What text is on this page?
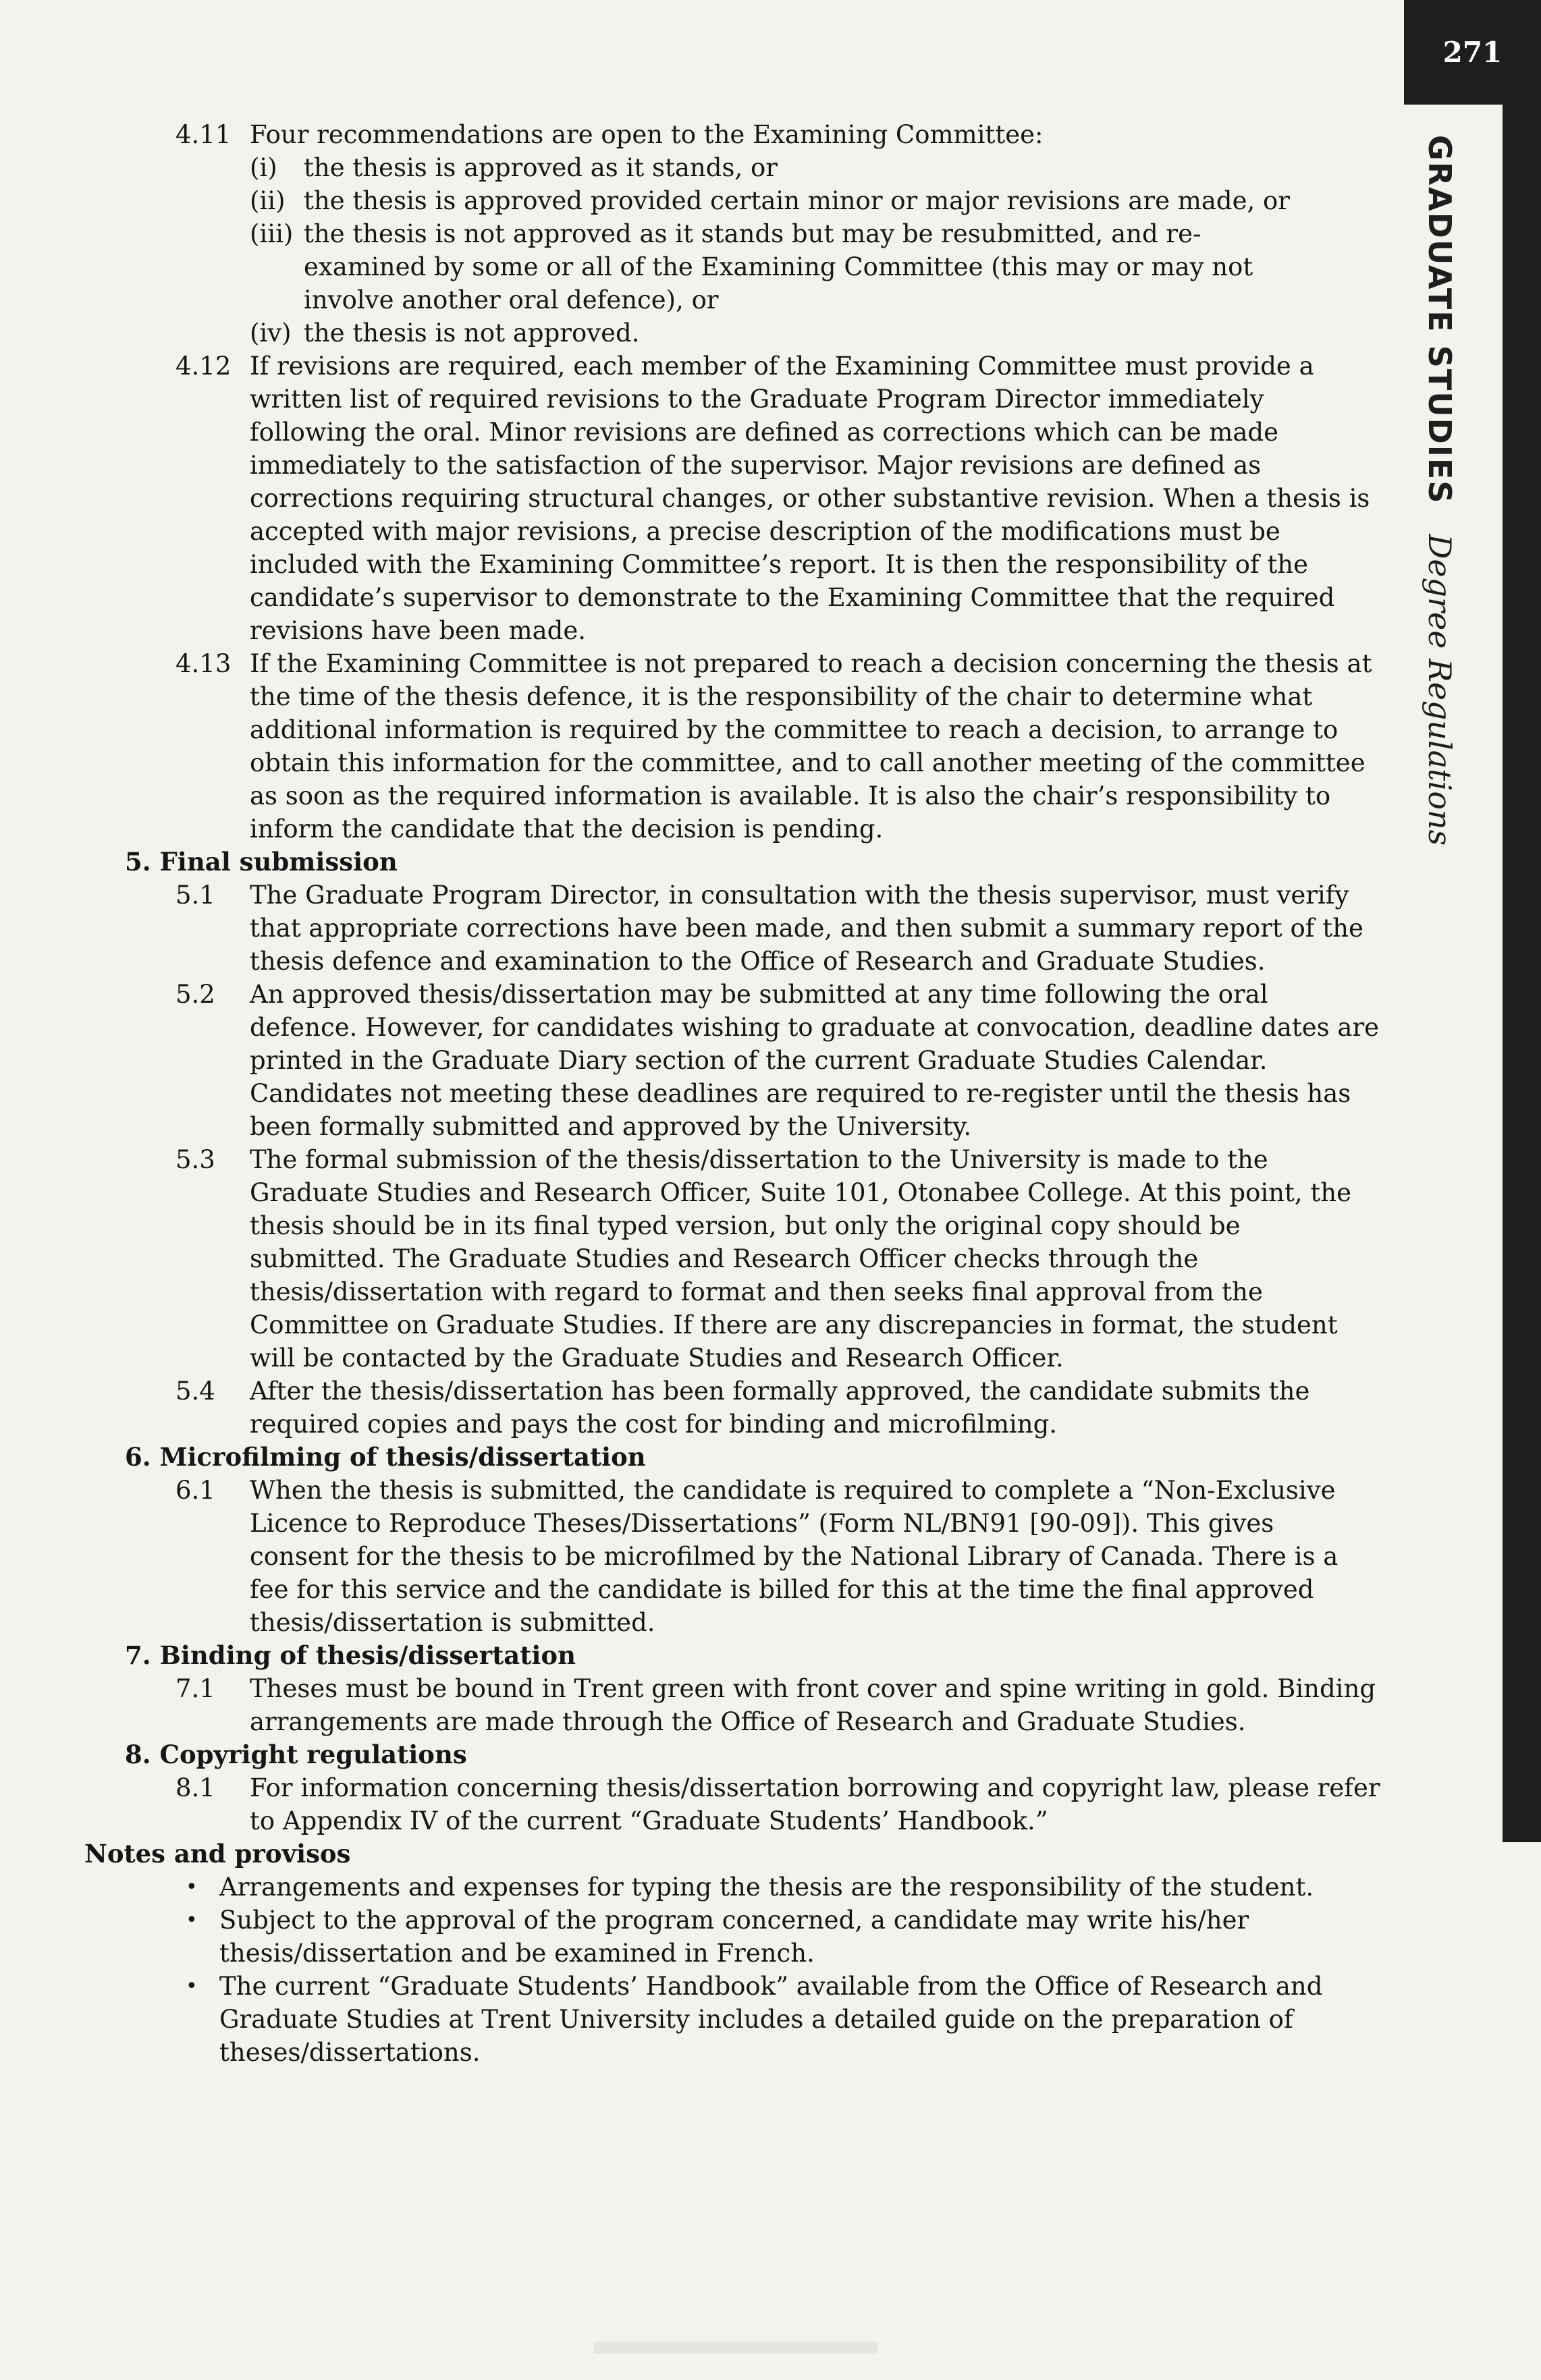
271
GRADUATE STUDIESDegree Regulations
4.11 Four recommendations are open to the Examining Committee:
(i)	the thesis is approved as it stands, or
(ii) the thesis is approved provided certain minor or major revisions are made, or
(iii) the thesis is not approved as it stands but may be resubmitted, and re-examined by some or all of the Examining Committee (this may or may not involve another oral defence), or
(iv) the thesis is not approved.
4.12 If revisions are required, each member of the Examining Committee must provide a written list of required revisions to the Graduate Program Director immediately following the oral. Minor revisions are defined as corrections which can be made immediately to the satisfaction of the supervisor. Major revisions are defined as corrections requiring structural changes, or other substantive revision. When a thesis is accepted with major revisions, a precise description of the modifications must be included with the Examining Committee’s report. It is then the responsibility of the candidate’s supervisor to demonstrate to the Examining Committee that the required revisions have been made.
4.13 If the Examining Committee is not prepared to reach a decision concerning the thesis at the time of the thesis defence, it is the responsibility of the chair to determine what additional information is required by the committee to reach a decision, to arrange to obtain this information for the committee, and to call another meeting of the committee as soon as the required information is available. It is also the chair’s responsibility to inform the candidate that the decision is pending.
5. Final submission
5.1	The Graduate Program Director, in consultation with the thesis supervisor, must verify that appropriate corrections have been made, and then submit a summary report of the thesis defence and examination to the Office of Research and Graduate Studies.
5.2	An approved thesis/dissertation may be submitted at any time following the oral defence. However, for candidates wishing to graduate at convocation, deadline dates are printed in the Graduate Diary section of the current Graduate Studies Calendar. Candidates not meeting these deadlines are required to re-register until the thesis has been formally submitted and approved by the University.
5.3	The formal submission of the thesis/dissertation to the University is made to the Graduate Studies and Research Officer, Suite 101, Otonabee College. At this point, the thesis should be in its final typed version, but only the original copy should be submitted. The Graduate Studies and Research Officer checks through the thesis/dissertation with regard to format and then seeks final approval from the Committee on Graduate Studies. If there are any discrepancies in format, the student will be contacted by the Graduate Studies and Research Officer.
5.4	After the thesis/dissertation has been formally approved, the candidate submits the required copies and pays the cost for binding and microfilming.
6. Microfilming of thesis/dissertation
6.1	When the thesis is submitted, the candidate is required to complete a “Non-Exclusive Licence to Reproduce Theses/Dissertations” (Form NL/BN91 [90-09]). This gives consent for the thesis to be microfilmed by the National Library of Canada. There is a fee for this service and the candidate is billed for this at the time the final approved thesis/dissertation is submitted.
7. Binding of thesis/dissertation
7.1	Theses must be bound in Trent green with front cover and spine writing in gold. Binding arrangements are made through the Office of Research and Graduate Studies.
8. Copyright regulations
8.1	For information concerning thesis/dissertation borrowing and copyright law, please refer to Appendix IV of the current “Graduate Students’ Handbook.”
Notes and provisos
• Arrangements and expenses for typing the thesis are the responsibility of the student.
• Subject to the approval of the program concerned, a candidate may write his/her thesis/dissertation and be examined in French.
• The current “Graduate Students’ Handbook” available from the Office of Research and Graduate Studies at Trent University includes a detailed guide on the preparation of theses/dissertations.
